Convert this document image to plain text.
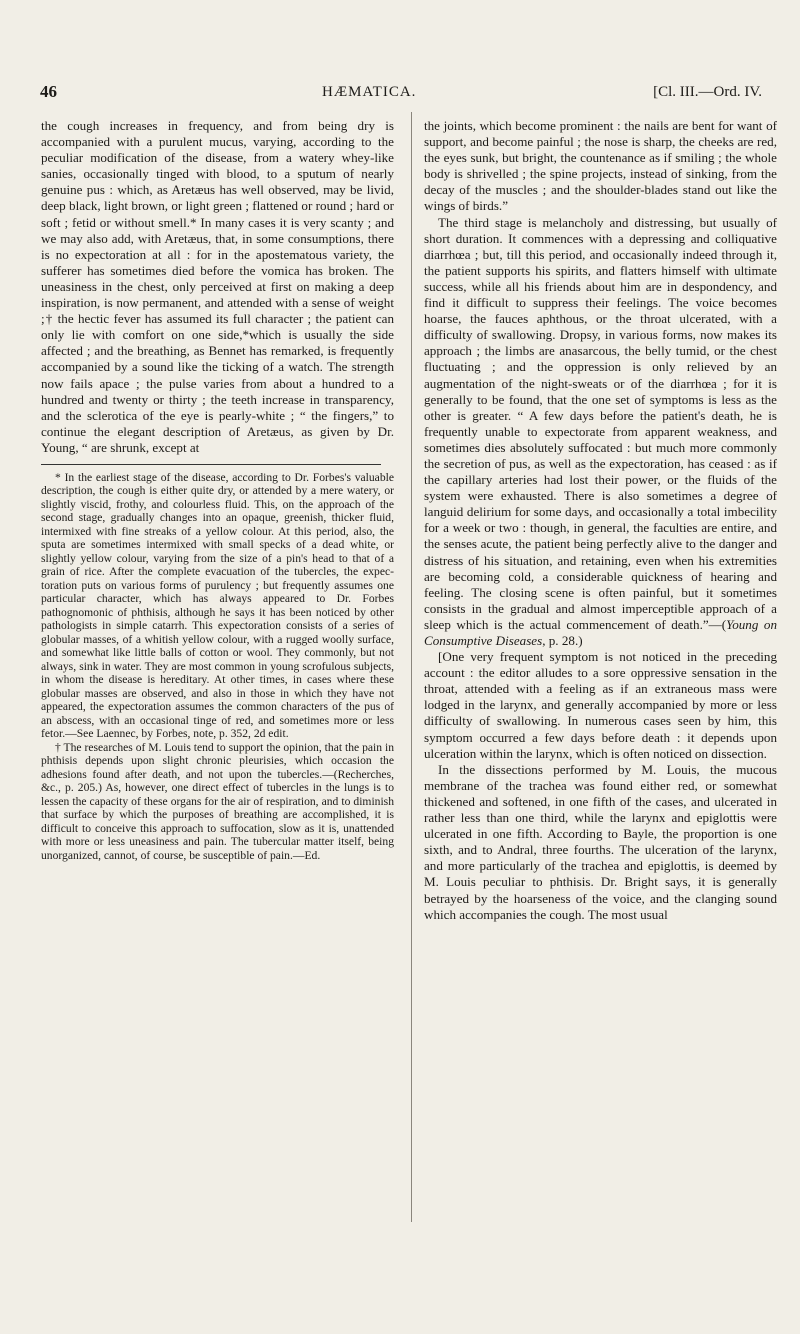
46	HÆMATICA.	[Cl. III.—Ord. IV.

the cough increases in frequency, and from being dry is accompanied with a purulent mucus, varying, according to the peculiar modification of the disease, from a watery whey-like sanies, occasionally tinged with blood, to a sputum of nearly genuine pus : which, as Aretæus has well observed, may be livid, deep black, light brown, or light green ; flattened or round ; hard or soft ; fetid or without smell.* In many cases it is very scanty ; and we may also add, with Aretæus, that, in some consumptions, there is no expectoration at all : for in the apostematous variety, the sufferer has sometimes died before the vomica has broken. The uneasiness in the chest, only perceived at first on making a deep inspiration, is now permanent, and attended with a sense of weight ;† the hectic fever has assumed its full character ; the patient can only lie with comfort on one side,*which is usually the side affected ; and the breathing, as Bennet has remarked, is frequently accompanied by a sound like the ticking of a watch. The strength now fails apace ; the pulse varies from about a hundred to a hundred and twenty or thirty ; the teeth increase in transparency, and the sclerotica of the eye is pearly-white ; “ the fingers,” to continue the elegant description of Aretæus, as given by Dr. Young, “ are shrunk, except at

* In the earliest stage of the disease, according to Dr. Forbes's valuable description, the cough is either quite dry, or attended by a mere watery, or slightly viscid, frothy, and colourless fluid. This, on the approach of the second stage, gradually changes into an opaque, greenish, thicker fluid, intermixed with fine streaks of a yellow colour. At this period, also, the sputa are sometimes intermixed with small specks of a dead white, or slightly yellow colour, varying from the size of a pin's head to that of a grain of rice. After the complete evacuation of the tubercles, the expectoration puts on various forms of purulency ; but frequently assumes one particular character, which has always appeared to Dr. Forbes pathognomonic of phthisis, although he says it has been noticed by other pathologists in simple catarrh. This expectoration consists of a series of globular masses, of a whitish yellow colour, with a rugged woolly surface, and somewhat like little balls of cotton or wool. They commonly, but not always, sink in water. They are most common in young scrofulous subjects, in whom the disease is hereditary. At other times, in cases where these globular masses are observed, and also in those in which they have not appeared, the expectoration assumes the common characters of the pus of an abscess, with an occasional tinge of red, and sometimes more or less fetor.—See Laennec, by Forbes, note, p. 352, 2d edit.

† The researches of M. Louis tend to support the opinion, that the pain in phthisis depends upon slight chronic pleurisies, which occasion the adhesions found after death, and not upon the tubercles.—(Recherches, &c., p. 205.) As, however, one direct effect of tubercles in the lungs is to lessen the capacity of these organs for the air of respiration, and to diminish that surface by which the purposes of breathing are accomplished, it is difficult to conceive this approach to suffocation, slow as it is, unattended with more or less uneasiness and pain. The tubercular matter itself, being unorganized, cannot, of course, be susceptible of pain.—Ed.

the joints, which become prominent : the nails are bent for want of support, and become painful ; the nose is sharp, the cheeks are red, the eyes sunk, but bright, the countenance as if smiling ; the whole body is shrivelled ; the spine projects, instead of sinking, from the decay of the muscles ; and the shoulder-blades stand out like the wings of birds.”

The third stage is melancholy and distressing, but usually of short duration. It commences with a depressing and colliquative diarrhœa ; but, till this period, and occasionally indeed through it, the patient supports his spirits, and flatters himself with ultimate success, while all his friends about him are in despondency, and find it difficult to suppress their feelings. The voice becomes hoarse, the fauces aphthous, or the throat ulcerated, with a difficulty of swallowing. Dropsy, in various forms, now makes its approach ; the limbs are anasarcous, the belly tumid, or the chest fluctuating ; and the oppression is only relieved by an augmentation of the night-sweats or of the diarrhœa ; for it is generally to be found, that the one set of symptoms is less as the other is greater. “ A few days before the patient's death, he is frequently unable to expectorate from apparent weakness, and sometimes dies absolutely suffocated : but much more commonly the secretion of pus, as well as the expectoration, has ceased : as if the capillary arteries had lost their power, or the fluids of the system were exhausted. There is also sometimes a degree of languid delirium for some days, and occasionally a total imbecility for a week or two : though, in general, the faculties are entire, and the senses acute, the patient being perfectly alive to the danger and distress of his situation, and retaining, even when his extremities are becoming cold, a considerable quickness of hearing and feeling. The closing scene is often painful, but it sometimes consists in the gradual and almost imperceptible approach of a sleep which is the actual commencement of death.”—(Young on Consumptive Diseases, p. 28.)

[One very frequent symptom is not noticed in the preceding account : the editor alludes to a sore oppressive sensation in the throat, attended with a feeling as if an extraneous mass were lodged in the larynx, and generally accompanied by more or less difficulty of swallowing. In numerous cases seen by him, this symptom occurred a few days before death : it depends upon ulceration within the larynx, which is often noticed on dissection.

In the dissections performed by M. Louis, the mucous membrane of the trachea was found either red, or somewhat thickened and softened, in one fifth of the cases, and ulcerated in rather less than one third, while the larynx and epiglottis were ulcerated in one fifth. According to Bayle, the proportion is one sixth, and to Andral, three fourths. The ulceration of the larynx, and more particularly of the trachea and epiglottis, is deemed by M. Louis peculiar to phthisis. Dr. Bright says, it is generally betrayed by the hoarseness of the voice, and the clanging sound which accompanies the cough. The most usual
